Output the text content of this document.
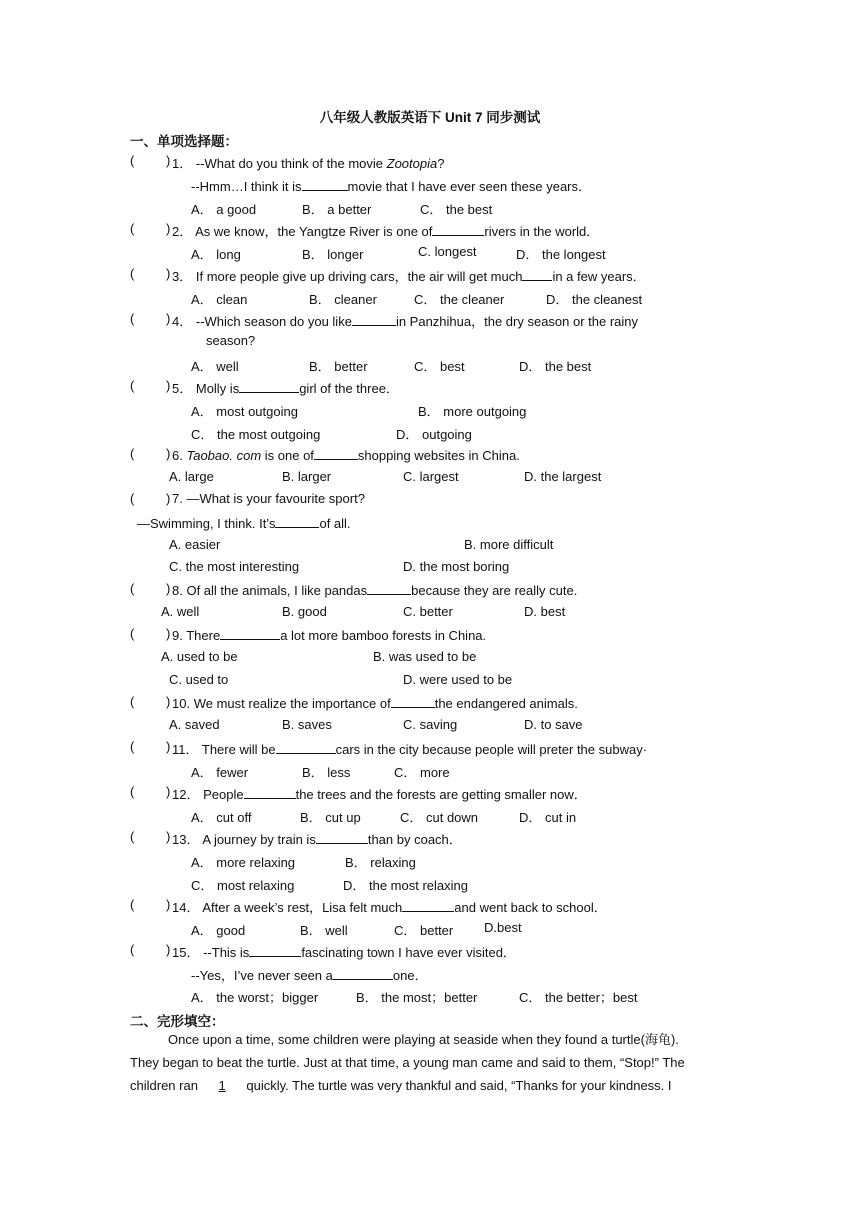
八年级人教版英语下 Unit 7 同步测试
一、单项选择题：
( ) 1． --What do you think of the movie Zootopia?
--Hmm…I think it is	movie that I have ever seen these years．
A． a good	B． a better	C． the best
( ) 2． As we know，the Yangtze River is one of	rivers in the world．
A． long	B． longer	C. longest	D． the longest
( ) 3． If more people give up driving cars，the air will get much in a few years．
A． clean	B． cleaner	C． the cleaner	D． the cleanest
( ) 4． --Which season do you like	in Panzhihua，the dry season or the rainy
season?
A． well	B． better	C． best	D． the best
( ) 5． Molly is	girl of the three．
A． most outgoing	B． more outgoing
C． the most outgoing	D． outgoing
( ) 6. Taobao. com is one of	shopping websites in China.
A. large	B. larger	C. largest	D. the largest
( ) 7. —What is your favourite sport?
—Swimming, I think. It’s	of all.
A. easier	B. more difficult
C. the most interesting	D. the most boring
( ) 8. Of all the animals, I like pandas	because they are really cute.
A. well	B. good	C. better	D. best
( ) 9. There	a lot more bamboo forests in China.
A. used to be	B. was used to be
C. used to	D. were used to be
( ) 10. We must realize the importance of	the endangered animals.
A. saved	B. saves	C. saving	D. to save
( ) 11． There will be	cars in the city because people will preter the subway·
A． fewer	B． less	C． more
( ) 12． People	the trees and the forests are getting smaller now．
A． cut off	B． cut up	C． cut down	D． cut in
( ) 13． A journey by train is	than by coach．
A． more relaxing	B． relaxing
C． most relaxing	D． the most relaxing
( ) 14． After a week’s rest，Lisa felt much	and went back to school．
A． good	B． well	C． better D.best
( ) 15． --This is	fascinating town I have ever visited．
--Yes，I’ve never seen a	one．
A． the worst；bigger	B． the most；better	C． the better；best
二、完形填空：
Once upon a time, some children were playing at seaside when they found a turtle(海龟).
They began to beat the turtle. Just at that time, a young man came and said to them, “Stop!” The
children ran 1 quickly. The turtle was very thankful and said, “Thanks for your kindness. I
